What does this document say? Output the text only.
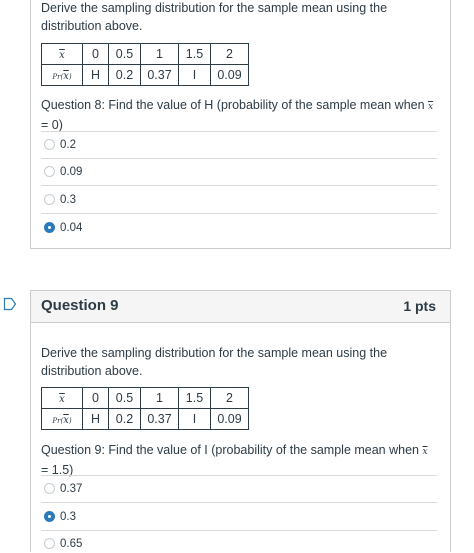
Derive the sampling distribution for the sample mean using the distribution above.
$\overline{x}$	0	0.5	1	1.5	2
$Pr(\overline{x})$	H	0.2	0.37	I	0.09
Question 8: Find the value of H (probability of the sample mean when $\overline{x} = 0$)
0.2
0.09
0.3
0.04
Question 9	1 pts
Derive the sampling distribution for the sample mean using the distribution above.
$\overline{x}$	0	0.5	1	1.5	2
$Pr(\overline{x})$	H	0.2	0.37	I	0.09
Question 9: Find the value of I (probability of the sample mean when $\overline{x} = 1.5$)
0.37
0.3
0.65
